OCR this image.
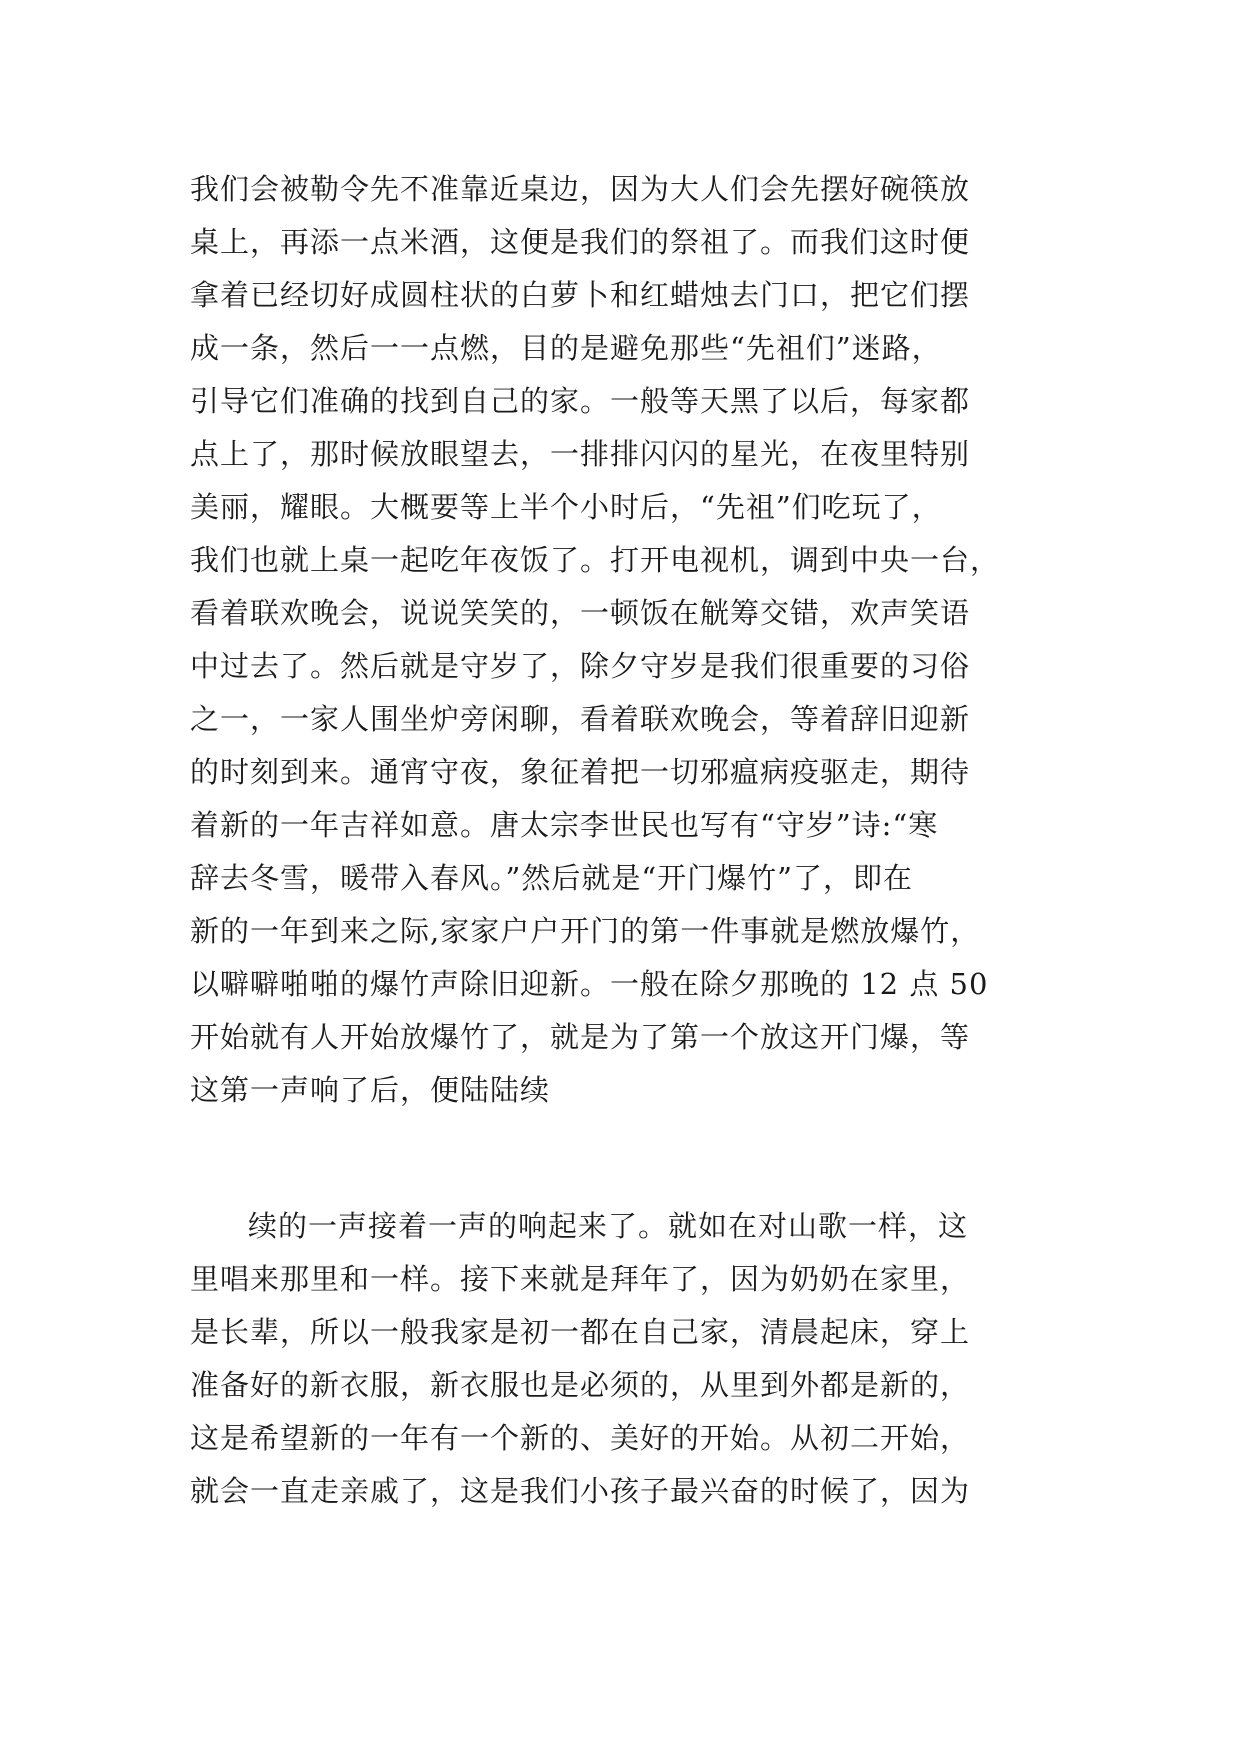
我们会被勒令先不准靠近桌边，因为大人们会先摆好碗筷放
桌上，再添一点米酒，这便是我们的祭祖了。而我们这时便
拿着已经切好成圆柱状的白萝卜和红蜡烛去门口，把它们摆
成一条，然后一一点燃，目的是避免那些“先祖们”迷路，
引导它们准确的找到自己的家。一般等天黑了以后，每家都
点上了，那时候放眼望去，一排排闪闪的星光，在夜里特别
美丽，耀眼。大概要等上半个小时后，“先祖”们吃玩了，
我们也就上桌一起吃年夜饭了。打开电视机，调到中央一台，
看着联欢晚会，说说笑笑的，一顿饭在觥筹交错，欢声笑语
中过去了。然后就是守岁了，除夕守岁是我们很重要的习俗
之一，一家人围坐炉旁闲聊，看着联欢晚会，等着辞旧迎新
的时刻到来。通宵守夜，象征着把一切邪瘟病疫驱走，期待
着新的一年吉祥如意。唐太宗李世民也写有“守岁”诗:“寒
辞去冬雪，暖带入春风。”然后就是“开门爆竹”了，即在
新的一年到来之际,家家户户开门的第一件事就是燃放爆竹，
以噼噼啪啪的爆竹声除旧迎新。一般在除夕那晚的 12 点 50
开始就有人开始放爆竹了，就是为了第一个放这开门爆，等
这第一声响了后，便陆陆续
续的一声接着一声的响起来了。就如在对山歌一样，这
里唱来那里和一样。接下来就是拜年了，因为奶奶在家里，
是长辈，所以一般我家是初一都在自己家，清晨起床，穿上
准备好的新衣服，新衣服也是必须的，从里到外都是新的，
这是希望新的一年有一个新的、美好的开始。从初二开始，
就会一直走亲戚了，这是我们小孩子最兴奋的时候了，因为
